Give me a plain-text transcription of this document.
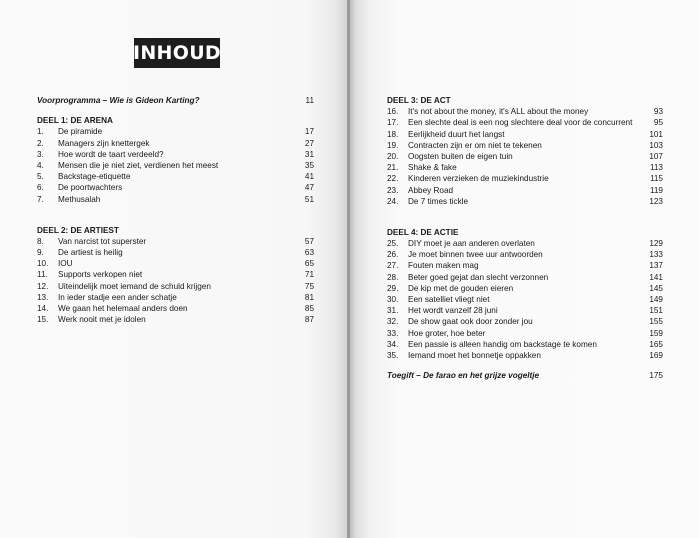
INHOUD
Voorprogramma – Wie is Gideon Karting?	11
DEEL 1: DE ARENA
1.	De piramide	17
2.	Managers zijn knettergek	27
3.	Hoe wordt de taart verdeeld?	31
4.	Mensen die je niet ziet, verdienen het meest	35
5.	Backstage-etiquette	41
6.	De poortwachters	47
7.	Methusalah	51
DEEL 2: DE ARTIEST
8.	Van narcist tot superster	57
9.	De artiest is heilig	63
10.	IOU	65
11.	Supports verkopen niet	71
12.	Uiteindelijk moet iemand de schuld krijgen	75
13.	In ieder stadje een ander schatje	81
14.	We gaan het helemaal anders doen	85
15.	Werk nooit met je idolen	87
DEEL 3: DE ACT
16.	It's not about the money, it's ALL about the money	93
17.	Een slechte deal is een nog slechtere deal voor de concurrent	95
18.	Eerlijkheid duurt het langst	101
19.	Contracten zijn er om niet te tekenen	103
20.	Oogsten buiten de eigen tuin	107
21.	Shake & fake	113
22.	Kinderen verzieken de muziekindustrie	115
23.	Abbey Road	119
24.	De 7 times tickle	123
DEEL 4: DE ACTIE
25.	DIY moet je aan anderen overlaten	129
26.	Je moet binnen twee uur antwoorden	133
27.	Fouten maken mag	137
28.	Beter goed gejat dan slecht verzonnen	141
29.	De kip met de gouden eieren	145
30.	Een satelliet vliegt niet	149
31.	Het wordt vanzelf 28 juni	151
32.	De show gaat ook door zonder jou	155
33.	Hoe groter, hoe beter	159
34.	Een passie is alleen handig om backstage te komen	165
35.	Iemand moet het bonnetje oppakken	169
Toegift – De farao en het grijze vogeltje	175
